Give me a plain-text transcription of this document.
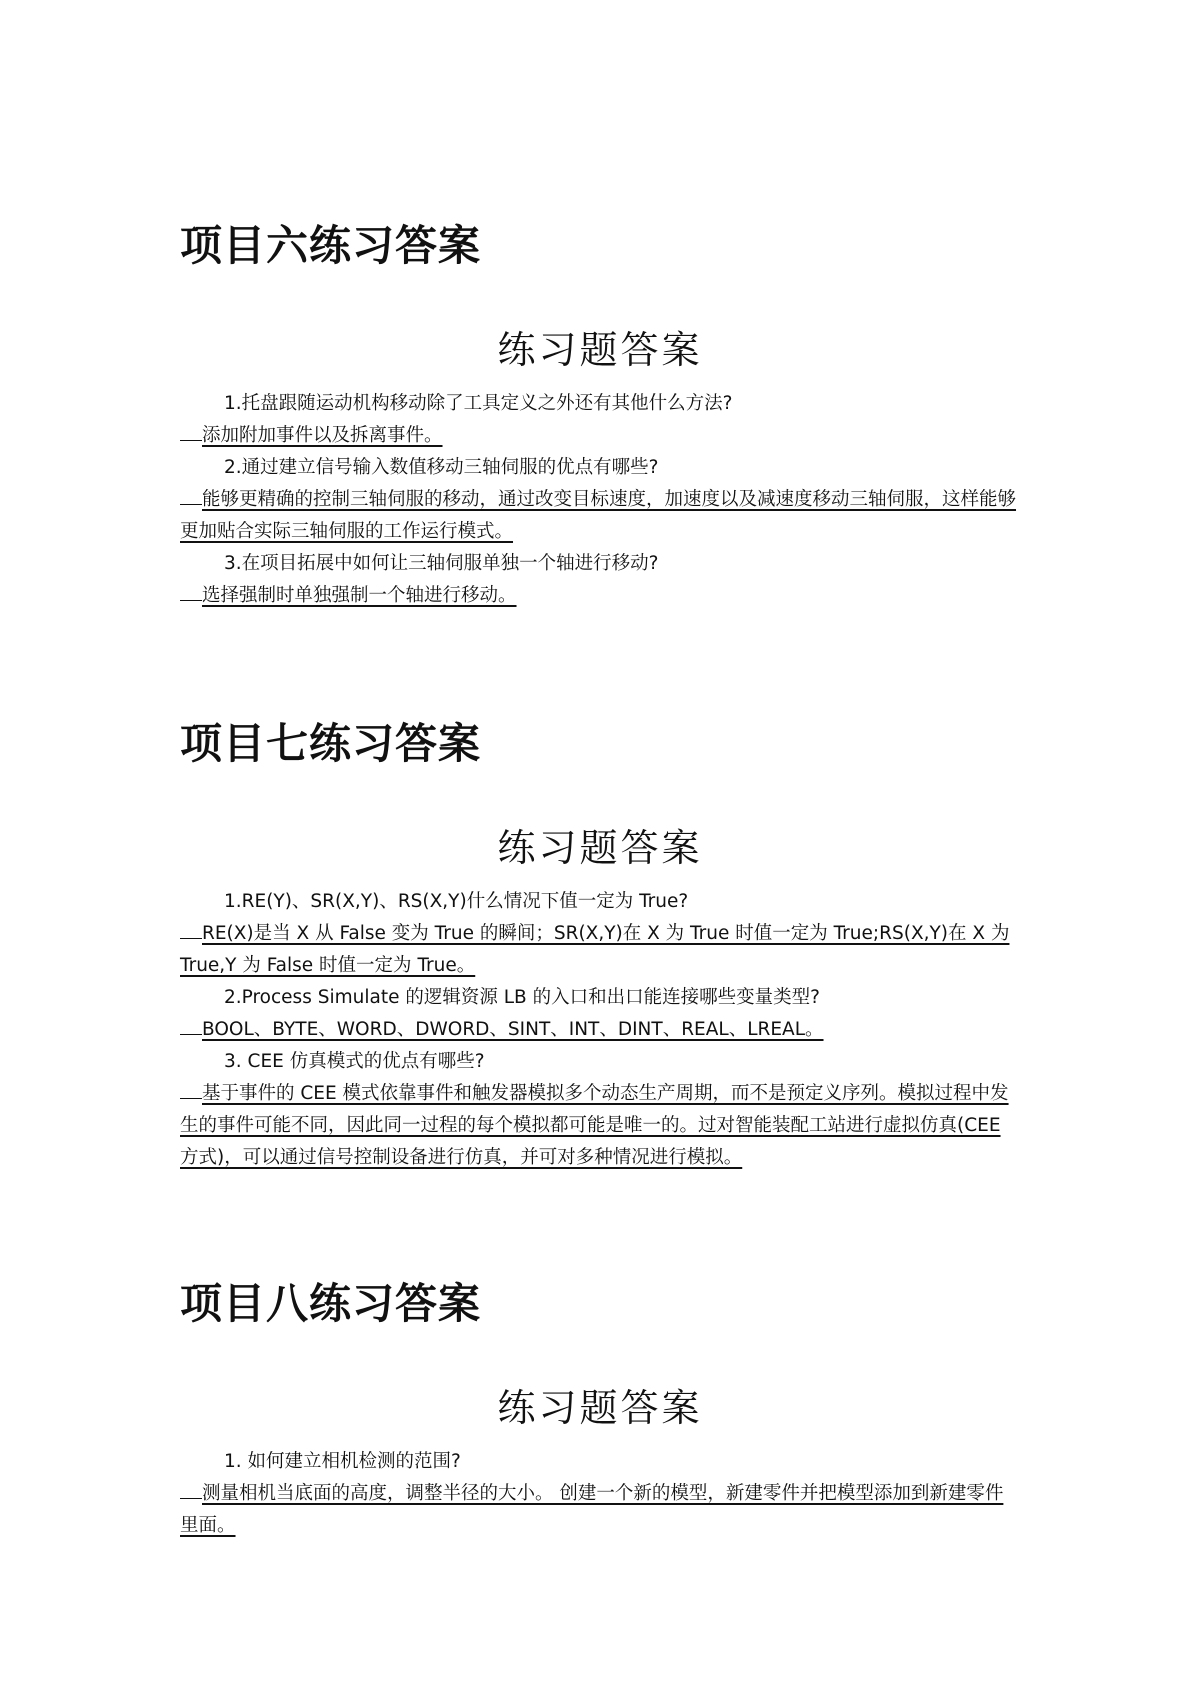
项目六练习答案
练习题答案

1.托盘跟随运动机构移动除了工具定义之外还有其他什么方法?

添加附加事件以及拆离事件。

2.通过建立信号输入数值移动三轴伺服的优点有哪些?

能够更精确的控制三轴伺服的移动，通过改变目标速度，加速度以及减速度移动三轴伺服，这样能够更加贴合实际三轴伺服的工作运行模式。

3.在项目拓展中如何让三轴伺服单独一个轴进行移动?

选择强制时单独强制一个轴进行移动。

项目七练习答案
练习题答案

1.RE(Y)、SR(X,Y)、RS(X,Y)什么情况下值一定为 True?

RE(X)是当 X 从 False 变为 True 的瞬间；SR(X,Y)在 X 为 True 时值一定为 True;RS(X,Y)在 X 为 True,Y 为 False 时值一定为 True。

2.Process Simulate 的逻辑资源 LB 的入口和出口能连接哪些变量类型?

BOOL、BYTE、WORD、DWORD、SINT、INT、DINT、REAL、LREAL。

3. CEE 仿真模式的优点有哪些?

基于事件的 CEE 模式依靠事件和触发器模拟多个动态生产周期，而不是预定义序列。模拟过程中发生的事件可能不同，因此同一过程的每个模拟都可能是唯一的。过对智能装配工站进行虚拟仿真(CEE 方式)，可以通过信号控制设备进行仿真，并可对多种情况进行模拟。

项目八练习答案
练习题答案

1. 如何建立相机检测的范围?

测量相机当底面的高度，调整半径的大小。 创建一个新的模型，新建零件并把模型添加到新建零件里面。
